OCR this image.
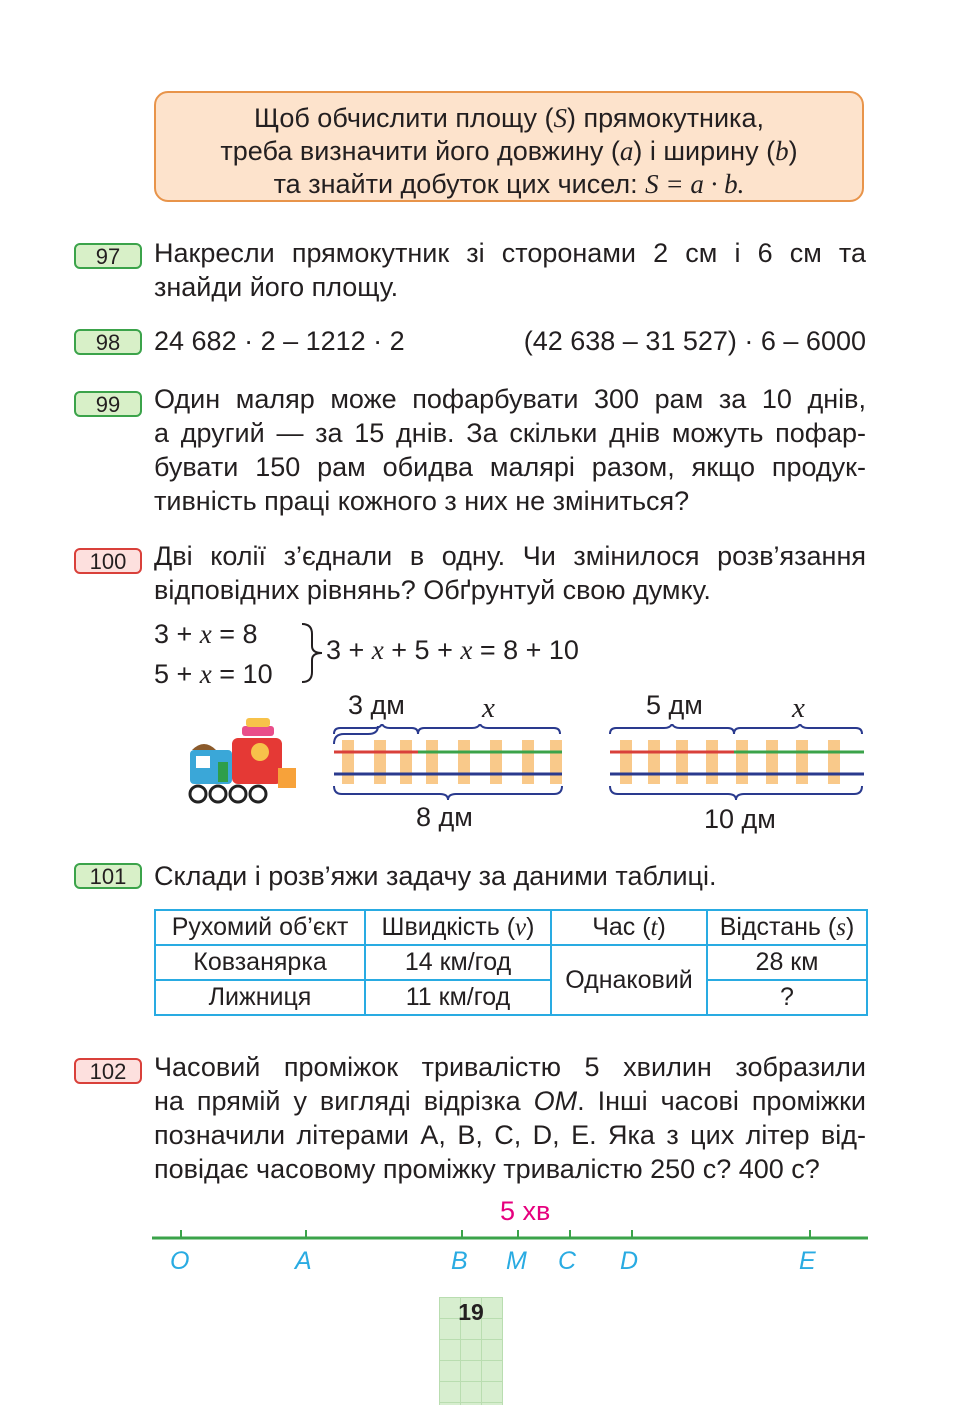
Щоб обчислити площу (S) прямокутника,
треба визначити його довжину (a) і ширину (b)
та знайти добуток цих чисел: S = a · b.
97	Накресли прямокутник зі сторонами 2 см і 6 см та

знайди його площу.

98	24 682 · 2 – 1212 · 2	(42 638 – 31 527) · 6 – 6000
99	Один маляр може пофарбувати 300 рам за 10 днів,

а другий — за 15 днів. За скільки днів можуть пофар-

бувати 150 рам обидва малярі разом, якщо продук-

тивність праці кожного з них не зміниться?

100	Дві колії з’єднали в одну. Чи змінилося розв’язання

відповідних рівнянь? Обґрунтуй свою думку.

3 + x = 8
5 + x = 10
3 + x + 5 + x = 8 + 10
3 дм	x
8 дм
5 дм	x
10 дм
101	Склади і розв’яжи задачу за даними таблиці.
Рухомий об’єкт	Швидкість (v)	Час (t)	Відстань (s)
Ковзанярка	14 км/год	Однаковий	28 км
Лижниця	11 км/год		?
102	Часовий проміжок тривалістю 5 хвилин зобразили

на прямій у вигляді відрізка OM. Інші часові проміжки

позначили літерами A, B, C, D, E. Яка з цих літер від-

повідає часовому проміжку тривалістю 250 с? 400 с?

5 хв
O	A	B M C D	E
19
